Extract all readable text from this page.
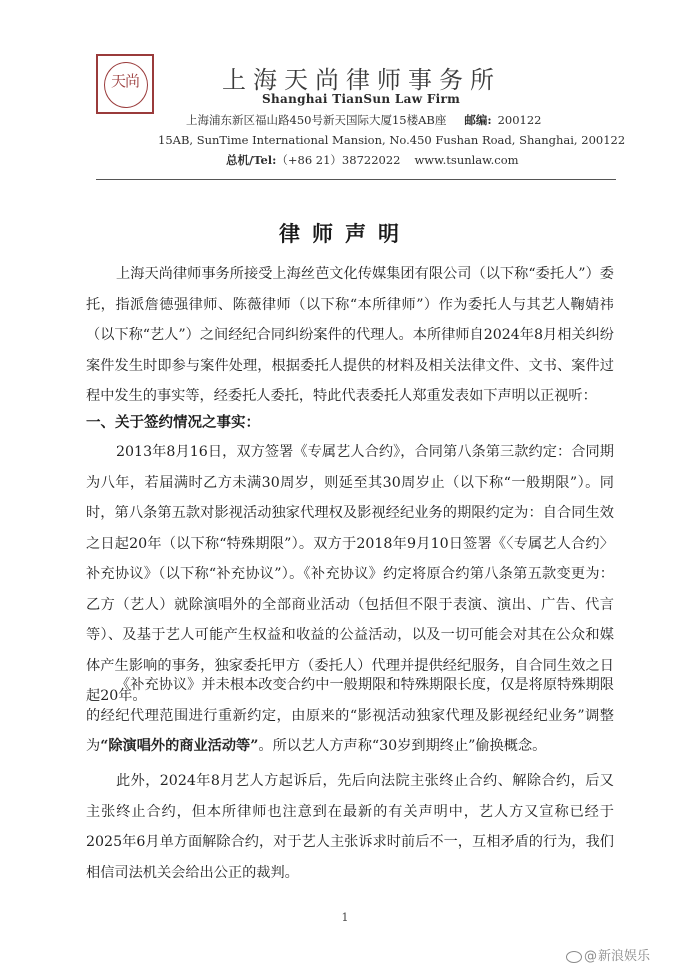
天尚	上海天尚律师事务所
Shanghai TianSun Law Firm
上海浦东新区福山路450号新天国际大厦15楼AB座 邮编: 200122
15AB, SunTime International Mansion, No.450 Fushan Road, Shanghai, 200122
总机/Tel:（+86 21）38722022 www.tsunlaw.com
律师声明
上海天尚律师事务所接受上海丝芭文化传媒集团有限公司（以下称“委托人”）委托，指派詹德强律师、陈薇律师（以下称“本所律师”）作为委托人与其艺人鞠婧祎（以下称“艺人”）之间经纪合同纠纷案件的代理人。本所律师自2024年8月相关纠纷案件发生时即参与案件处理，根据委托人提供的材料及相关法律文件、文书、案件过程中发生的事实等，经委托人委托，特此代表委托人郑重发表如下声明以正视听：
一、关于签约情况之事实：
2013年8月16日，双方签署《专属艺人合约》，合同第八条第三款约定：合同期为八年，若届满时乙方未满30周岁，则延至其30周岁止（以下称“一般期限”）。同时，第八条第五款对影视活动独家代理权及影视经纪业务的期限约定为：自合同生效之日起20年（以下称“特殊期限”）。双方于2018年9月10日签署《〈专属艺人合约〉补充协议》（以下称“补充协议”）。《补充协议》约定将原合约第八条第五款变更为：乙方（艺人）就除演唱外的全部商业活动（包括但不限于表演、演出、广告、代言等）、及基于艺人可能产生权益和收益的公益活动，以及一切可能会对其在公众和媒体产生影响的事务，独家委托甲方（委托人）代理并提供经纪服务，自合同生效之日起20年。
《补充协议》并未根本改变合约中一般期限和特殊期限长度，仅是将原特殊期限的经纪代理范围进行重新约定，由原来的“影视活动独家代理及影视经纪业务”调整为“除演唱外的商业活动等”。所以艺人方声称“30岁到期终止”偷换概念。
此外，2024年8月艺人方起诉后，先后向法院主张终止合约、解除合约，后又主张终止合约，但本所律师也注意到在最新的有关声明中，艺人方又宣称已经于2025年6月单方面解除合约，对于艺人主张诉求时前后不一，互相矛盾的行为，我们相信司法机关会给出公正的裁判。
1
@新浪娱乐
